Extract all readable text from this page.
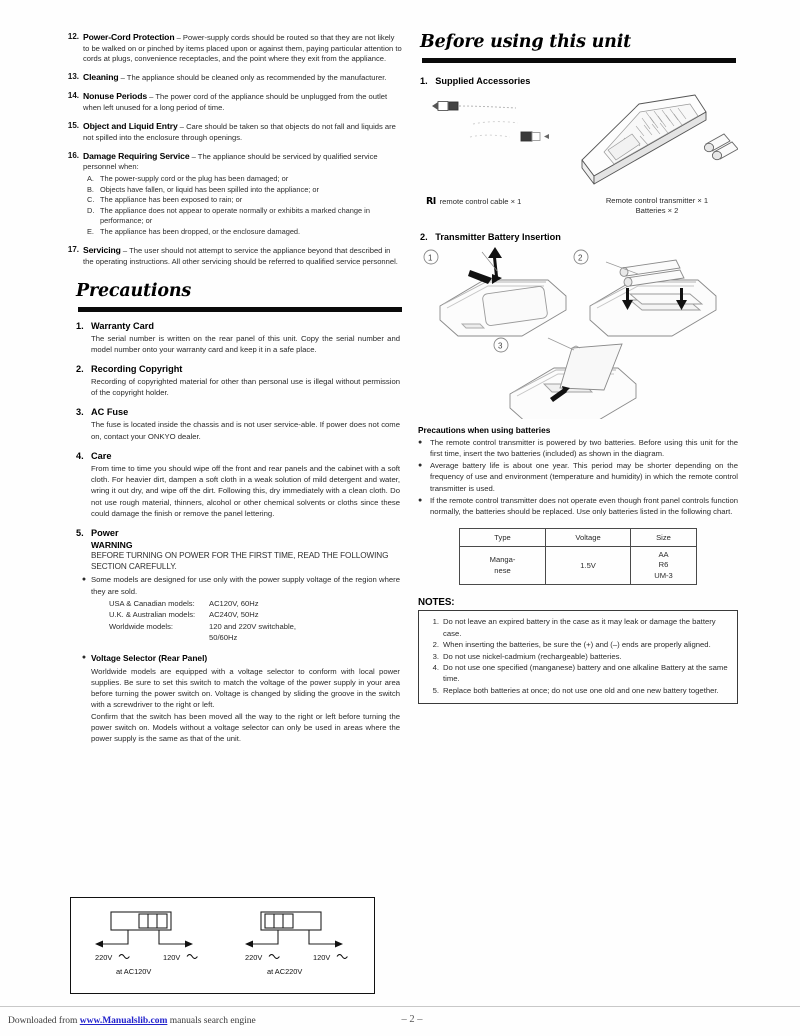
12. Power-Cord Protection – Power-supply cords should be routed so that they are not likely to be walked on or pinched by items placed upon or against them, paying particular attention to cords at plugs, convenience receptacles, and the point where they exit from the appliance.
13. Cleaning – The appliance should be cleaned only as recommended by the manufacturer.
14. Nonuse Periods – The power cord of the appliance should be unplugged from the outlet when left unused for a long period of time.
15. Object and Liquid Entry – Care should be taken so that objects do not fall and liquids are not spilled into the enclosure through openings.
16. Damage Requiring Service – The appliance should be serviced by qualified service personnel when:
A. The power-supply cord or the plug has been damaged; or
B. Objects have fallen, or liquid has been spilled into the appliance; or
C. The appliance has been exposed to rain; or
D. The appliance does not appear to operate normally or exhibits a marked change in performance; or
E. The appliance has been dropped, or the enclosure damaged.
17. Servicing – The user should not attempt to service the appliance beyond that described in the operating instructions. All other servicing should be referred to qualified service personnel.
Precautions
1. Warranty Card
The serial number is written on the rear panel of this unit. Copy the serial number and model number onto your warranty card and keep it in a safe place.
2. Recording Copyright
Recording of copyrighted material for other than personal use is illegal without permission of the copyright holder.
3. AC Fuse
The fuse is located inside the chassis and is not user service-able. If power does not come on, contact your ONKYO dealer.
4. Care
From time to time you should wipe off the front and rear panels and the cabinet with a soft cloth. For heavier dirt, dampen a soft cloth in a weak solution of mild detergent and water, wring it out dry, and wipe off the dirt. Following this, dry immediately with a clean cloth. Do not use rough material, thinners, alcohol or other chemical solvents or cloths since these could damage the finish or remove the panel lettering.
5. Power
WARNING
BEFORE TURNING ON POWER FOR THE FIRST TIME, READ THE FOLLOWING SECTION CAREFULLY.
● Some models are designed for use only with the power supply voltage of the region where they are sold.
USA & Canadian models:	AC120V, 60Hz
U.K. & Australian models:	AC240V, 50Hz
Worldwide models:	120 and 220V switchable,
50/60Hz
● Voltage Selector (Rear Panel)
Worldwide models are equipped with a voltage selector to conform with local power supplies. Be sure to set this switch to match the voltage of the power supply in your area before turning the power switch on. Voltage is changed by sliding the groove in the switch with a screwdriver to the right or left.
Confirm that the switch has been moved all the way to the right or left before turning the power switch on. Models without a voltage selector can only be used in areas where the power supply is the same as that of the unit.
220V	120V
at AC120V
220V	120V
at AC220V
Before using this unit
1. Supplied Accessories
RI remote control cable × 1	Remote control transmitter × 1
Batteries × 2
2. Transmitter Battery Insertion
1	2
3
Precautions when using batteries
●	The remote control transmitter is powered by two batteries. Before using this unit for the first time, insert the two batteries (included) as shown in the diagram.
●	Average battery life is about one year. This period may be shorter depending on the frequency of use and environment (temperature and humidity) in which the remote control transmitter is used.
●	If the remote control transmitter does not operate even though front panel controls function normally, the batteries should be replaced. Use only batteries listed in the following chart.
Type	Voltage	Size

Manga-
nese	1.5V	
AA
R6
UM-3
NOTES:
1. Do not leave an expired battery in the case as it may leak or damage the battery case.
2. When inserting the batteries, be sure the (+) and (–) ends are properly aligned.
3. Do not use nickel-cadmium (rechargeable) batteries.
4. Do not use one specified (manganese) battery and one alkaline Battery at the same time.
5. Replace both batteries at once; do not use one old and one new battery together.
Downloaded from www.Manualslib.com manuals search engine	– 2 –
